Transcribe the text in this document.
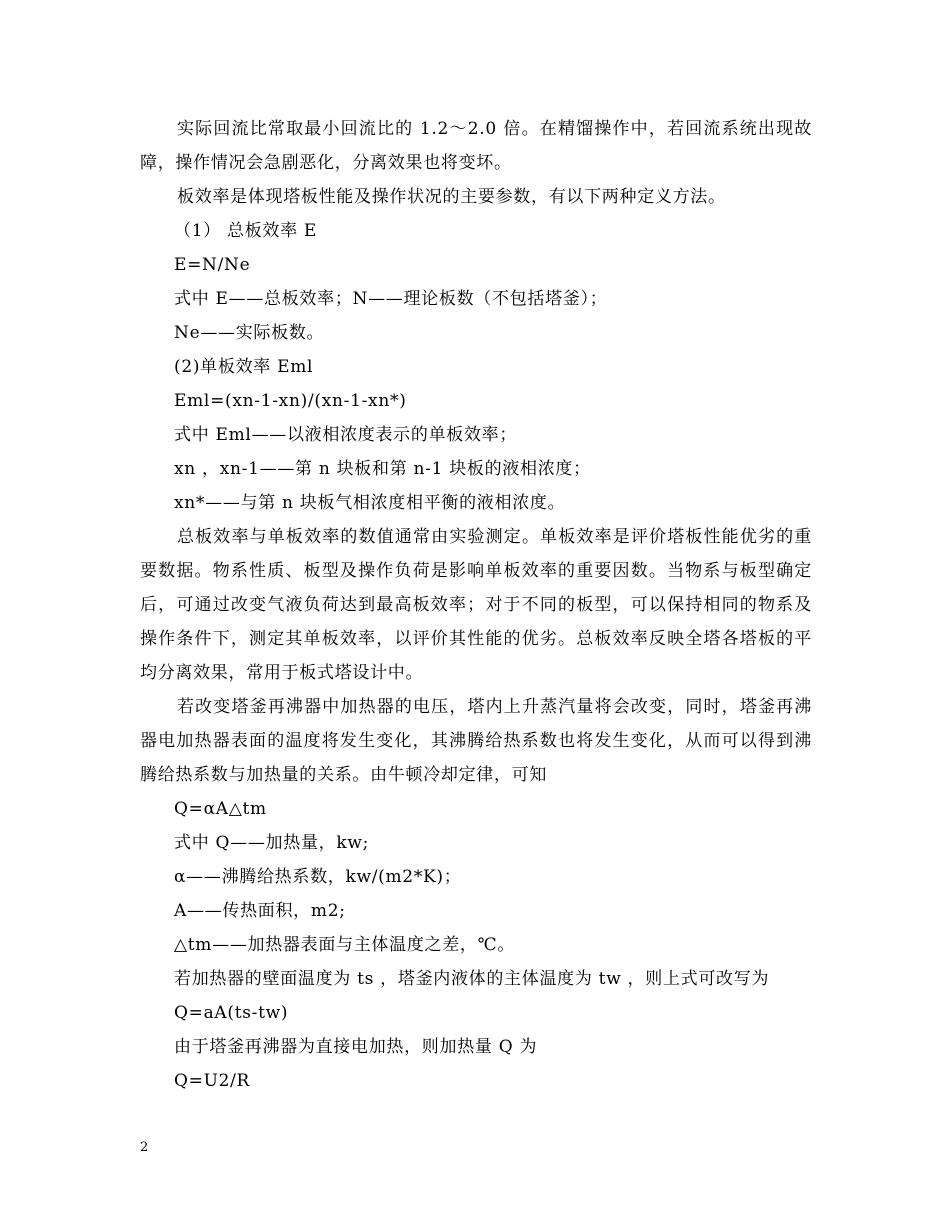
实际回流比常取最小回流比的 1.2～2.0 倍。在精馏操作中，若回流系统出现故障，操作情况会急剧恶化，分离效果也将变坏。

板效率是体现塔板性能及操作状况的主要参数，有以下两种定义方法。

（1） 总板效率 E

E=N/Ne

式中 E——总板效率；N——理论板数（不包括塔釜）；

Ne——实际板数。

(2)单板效率 Eml

Eml=(xn-1-xn)/(xn-1-xn*)

式中 Eml——以液相浓度表示的单板效率；

xn ，xn-1——第 n 块板和第 n-1 块板的液相浓度；

xn*——与第 n 块板气相浓度相平衡的液相浓度。

总板效率与单板效率的数值通常由实验测定。单板效率是评价塔板性能优劣的重要数据。物系性质、板型及操作负荷是影响单板效率的重要因数。当物系与板型确定后，可通过改变气液负荷达到最高板效率；对于不同的板型，可以保持相同的物系及操作条件下，测定其单板效率，以评价其性能的优劣。总板效率反映全塔各塔板的平均分离效果，常用于板式塔设计中。

若改变塔釜再沸器中加热器的电压，塔内上升蒸汽量将会改变，同时，塔釜再沸器电加热器表面的温度将发生变化，其沸腾给热系数也将发生变化，从而可以得到沸腾给热系数与加热量的关系。由牛顿冷却定律，可知

Q=αA△tm

式中 Q——加热量，kw;

α——沸腾给热系数，kw/(m2*K)；

A——传热面积，m2;

△tm——加热器表面与主体温度之差，℃。

若加热器的壁面温度为 ts ，塔釜内液体的主体温度为 tw ，则上式可改写为

Q=aA(ts-tw)

由于塔釜再沸器为直接电加热，则加热量 Q 为

Q=U2/R

2
